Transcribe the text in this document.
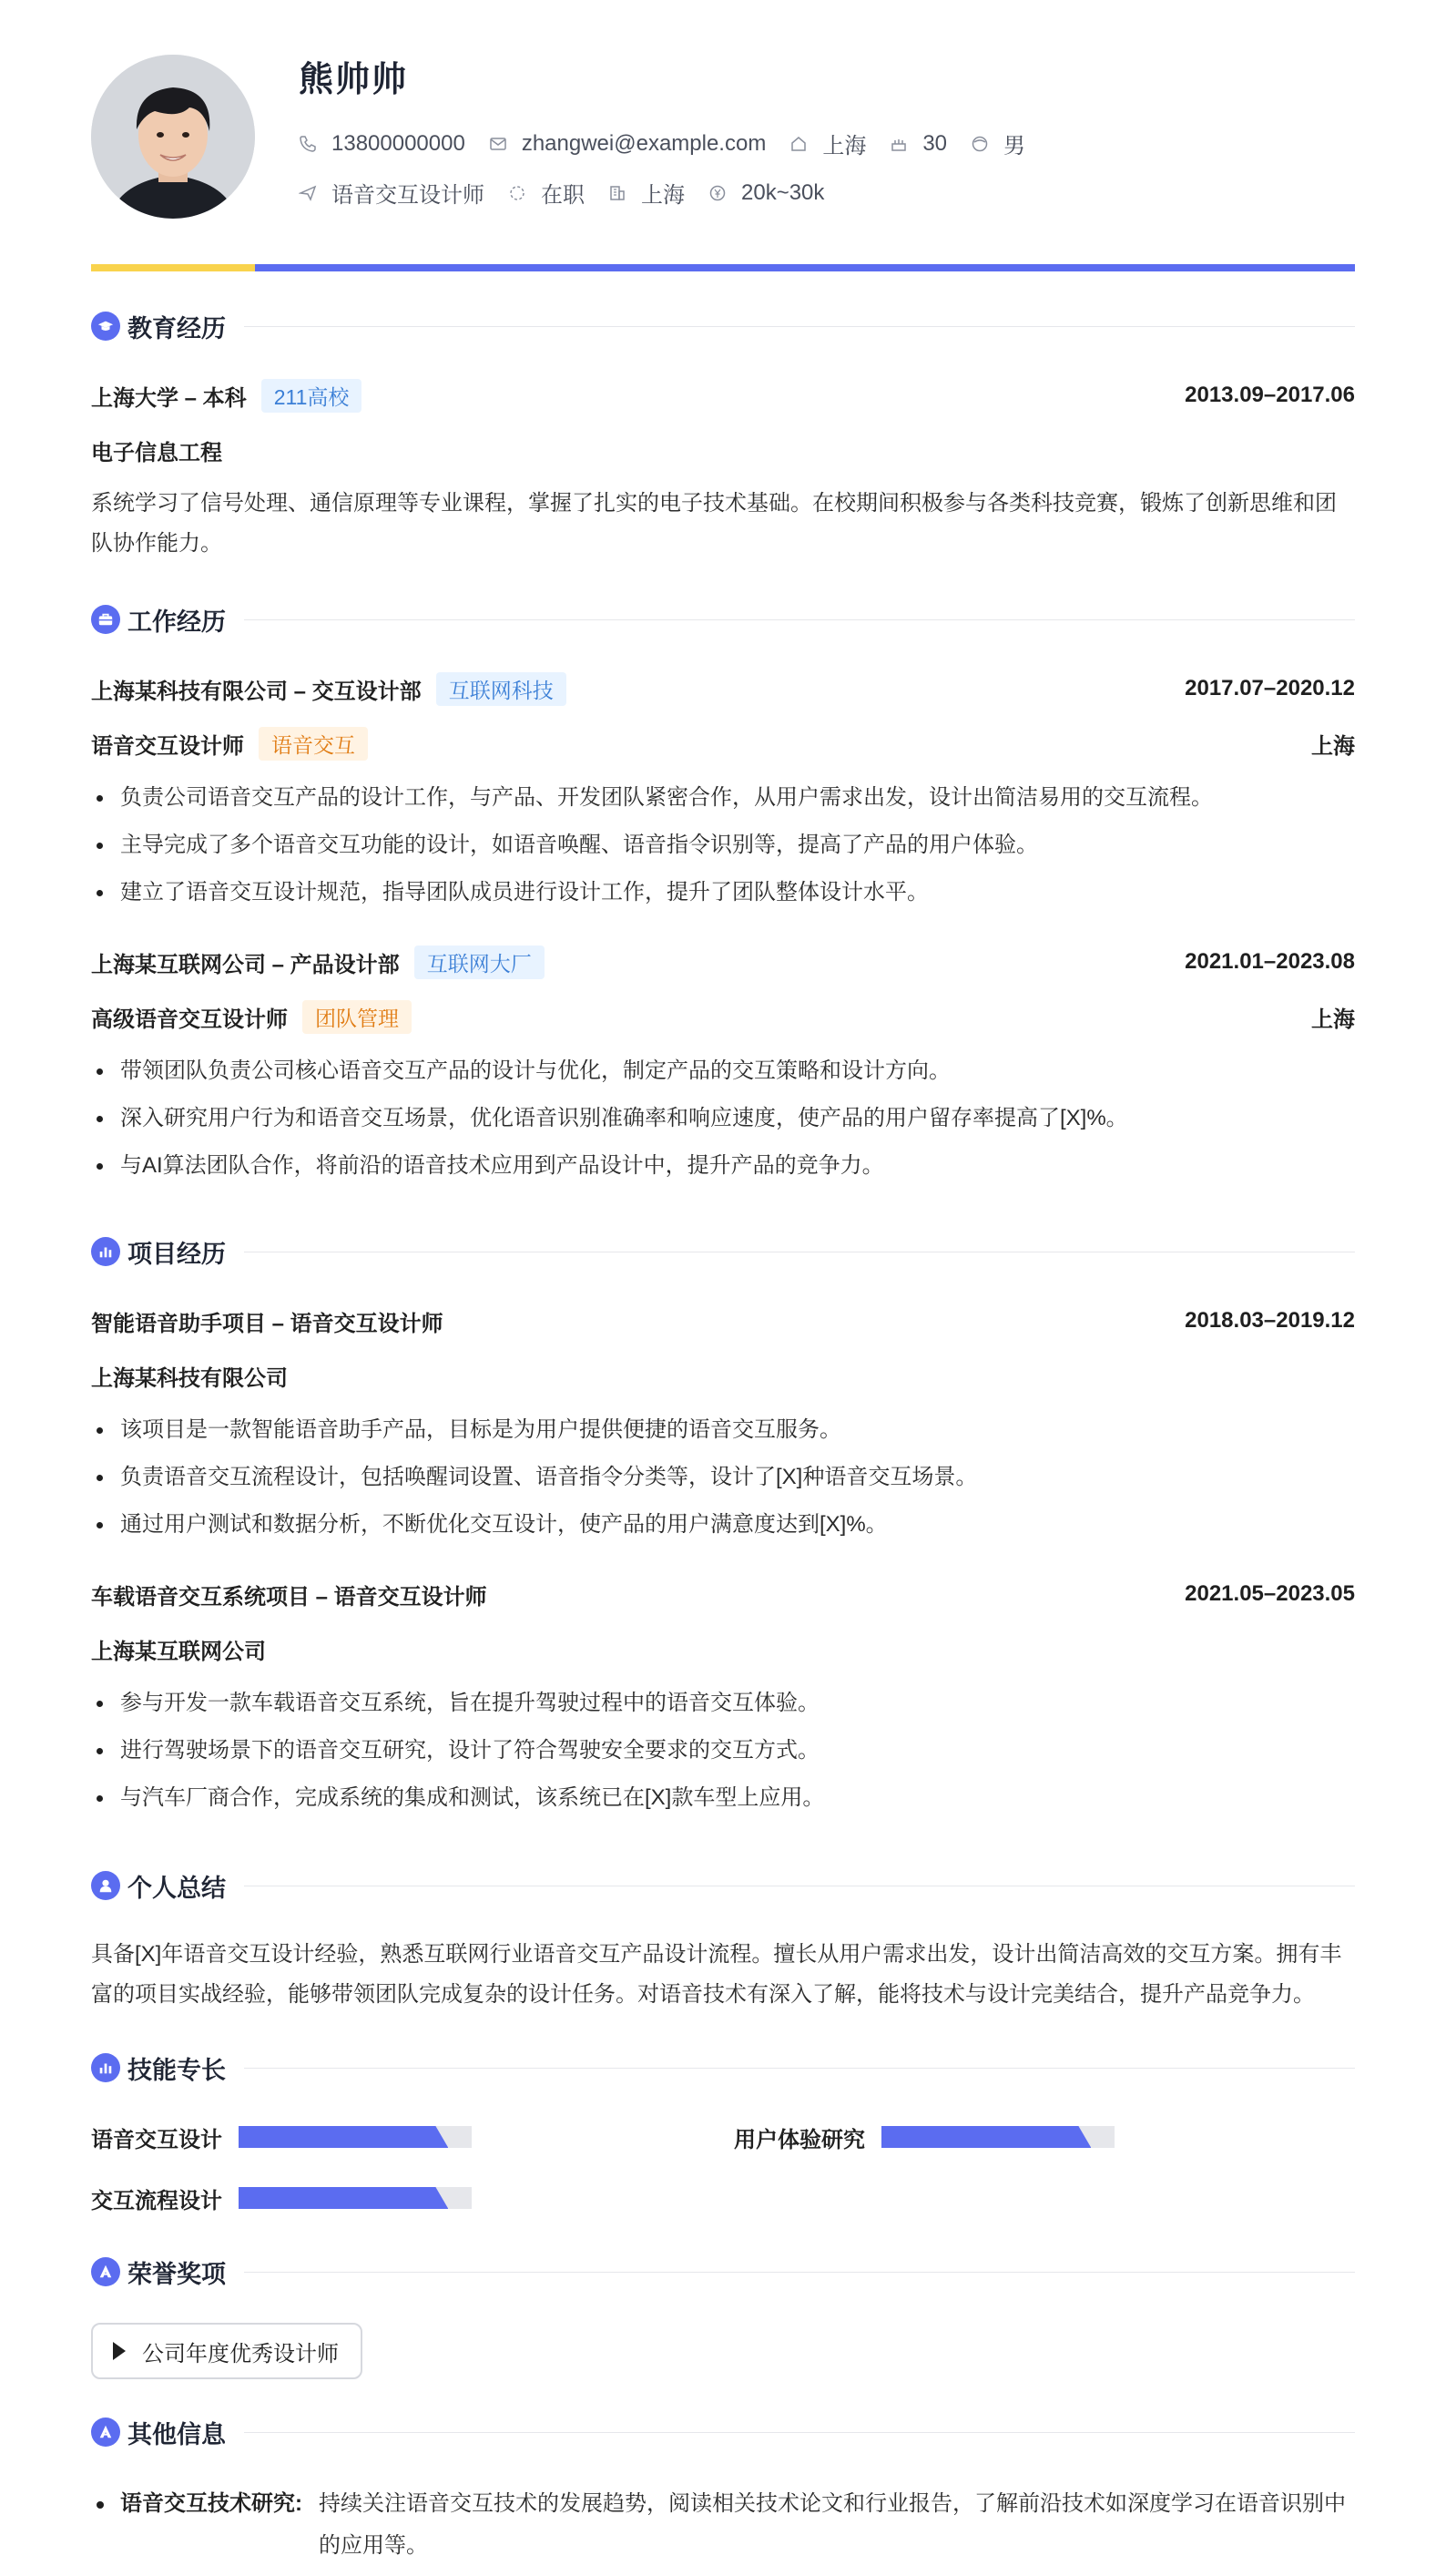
熊帅帅
13800000000	zhangwei@example.com	上海	30	男
语音交互设计师	在职	上海	20k~30k
教育经历
上海大学 – 本科	211高校	2013.09–2017.06
电子信息工程
系统学习了信号处理、通信原理等专业课程，掌握了扎实的电子技术基础。在校期间积极参与各类科技竞赛，锻炼了创新思维和团队协作能力。
工作经历
上海某科技有限公司 – 交互设计部	互联网科技	2017.07–2020.12
语音交互设计师	语音交互	上海
负责公司语音交互产品的设计工作，与产品、开发团队紧密合作，从用户需求出发，设计出简洁易用的交互流程。
主导完成了多个语音交互功能的设计，如语音唤醒、语音指令识别等，提高了产品的用户体验。
建立了语音交互设计规范，指导团队成员进行设计工作，提升了团队整体设计水平。
上海某互联网公司 – 产品设计部	互联网大厂	2021.01–2023.08
高级语音交互设计师	团队管理	上海
带领团队负责公司核心语音交互产品的设计与优化，制定产品的交互策略和设计方向。
深入研究用户行为和语音交互场景，优化语音识别准确率和响应速度，使产品的用户留存率提高了[X]%。
与AI算法团队合作，将前沿的语音技术应用到产品设计中，提升产品的竞争力。
项目经历
智能语音助手项目 – 语音交互设计师	2018.03–2019.12
上海某科技有限公司
该项目是一款智能语音助手产品，目标是为用户提供便捷的语音交互服务。
负责语音交互流程设计，包括唤醒词设置、语音指令分类等，设计了[X]种语音交互场景。
通过用户测试和数据分析，不断优化交互设计，使产品的用户满意度达到[X]%。
车载语音交互系统项目 – 语音交互设计师	2021.05–2023.05
上海某互联网公司
参与开发一款车载语音交互系统，旨在提升驾驶过程中的语音交互体验。
进行驾驶场景下的语音交互研究，设计了符合驾驶安全要求的交互方式。
与汽车厂商合作，完成系统的集成和测试，该系统已在[X]款车型上应用。
个人总结
具备[X]年语音交互设计经验，熟悉互联网行业语音交互产品设计流程。擅长从用户需求出发，设计出简洁高效的交互方案。拥有丰富的项目实战经验，能够带领团队完成复杂的设计任务。对语音技术有深入了解，能将技术与设计完美结合，提升产品竞争力。
技能专长
语音交互设计	用户体验研究
交互流程设计
荣誉奖项
公司年度优秀设计师
其他信息
语音交互技术研究: 持续关注语音交互技术的发展趋势，阅读相关技术论文和行业报告，了解前沿技术如深度学习在语音识别中的应用等。
